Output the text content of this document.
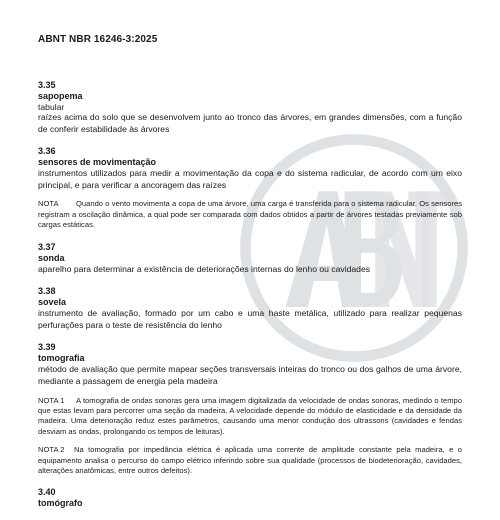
ABNT NBR 16246-3:2025
3.35
sapopema
tabular
raízes acima do solo que se desenvolvem junto ao tronco das árvores, em grandes dimensões, com a função de conferir estabilidade às árvores
3.36
sensores de movimentação
instrumentos utilizados para medir a movimentação da copa e do sistema radicular, de acordo com um eixo principal, e para verificar a ancoragem das raízes
NOTA Quando o vento movimenta a copa de uma árvore, uma carga é transferida para o sistema radicular. Os sensores registram a oscilação dinâmica, a qual pode ser comparada com dados obtidos a partir de árvores testadas previamente sob cargas estáticas.
3.37
sonda
aparelho para determinar a existência de deteriorações internas do lenho ou cavidades
3.38
sovela
instrumento de avaliação, formado por um cabo e uma haste metálica, utilizado para realizar pequenas perfurações para o teste de resistência do lenho
3.39
tomografia
método de avaliação que permite mapear seções transversais inteiras do tronco ou dos galhos de uma árvore, mediante a passagem de energia pela madeira
NOTA 1 A tomografia de ondas sonoras gera uma imagem digitalizada da velocidade de ondas sonoras, medindo o tempo que estas levam para percorrer uma seção da madeira. A velocidade depende do módulo de elasticidade e da densidade da madeira. Uma deterioração reduz estes parâmetros, causando uma menor condução dos ultrassons (cavidades e fendas desviam as ondas, prolongando os tempos de leituras).
NOTA 2 Na tomografia por impedância elétrica é aplicada uma corrente de amplitude constante pela madeira, e o equipamento analisa o percurso do campo elétrico inferindo sobre sua qualidade (processos de biodeterioração, cavidades, alterações anatômicas, entre outros defeitos).
3.40
tomógrafo
